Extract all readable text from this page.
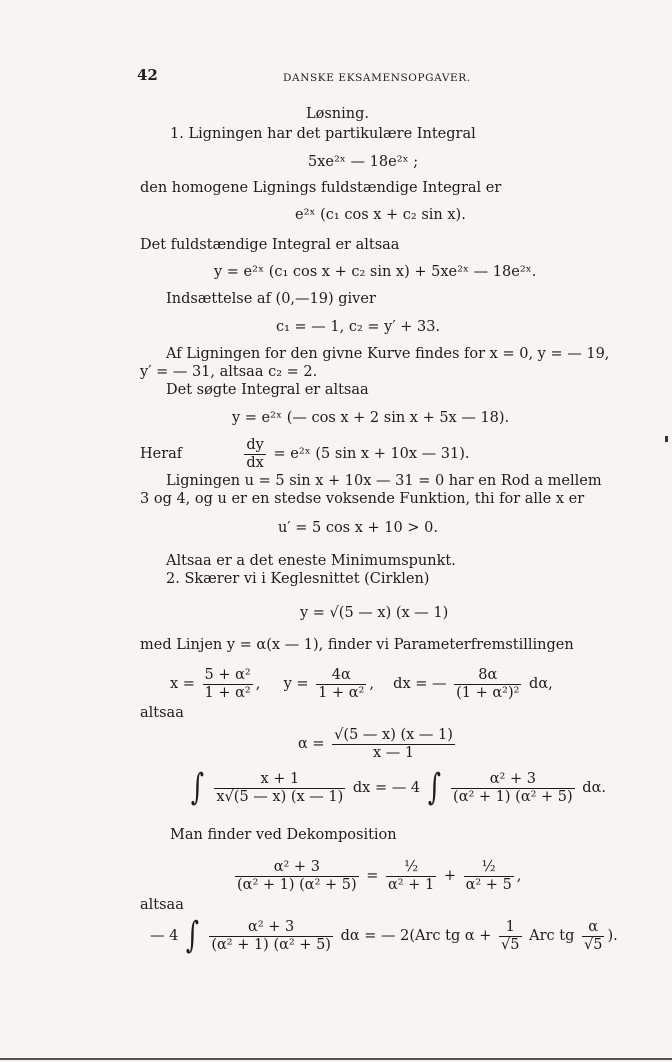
42	DANSKE EKSAMENSOPGAVER.
Løsning.
1. Ligningen har det partikulære Integral
5xe²ˣ — 18e²ˣ ;
den homogene Lignings fuldstændige Integral er
e²ˣ (c₁ cos x + c₂ sin x).
Det fuldstændige Integral er altsaa
y = e²ˣ (c₁ cos x + c₂ sin x) + 5xe²ˣ — 18e²ˣ.
Indsættelse af (0,—19) giver
c₁ = — 1, c₂ = y′ + 33.
Af Ligningen for den givne Kurve findes for x = 0, y = — 19,
y′ = — 31, altsaa c₂ = 2.
Det søgte Integral er altsaa
y = e²ˣ (— cos x + 2 sin x + 5x — 18).
Heraf	$\frac{dy}{dx}$ = e²ˣ (5 sin x + 10x — 31).
Ligningen u = 5 sin x + 10x — 31 = 0 har en Rod a mellem
3 og 4, og u er en stedse voksende Funktion, thi for alle x er
u′ = 5 cos x + 10 > 0.
Altsaa er a det eneste Minimumspunkt.
2. Skærer vi i Keglesnittet (Cirklen)
y = √(5 — x) (x — 1)
med Linjen y = α(x — 1), finder vi Parameterfremstillingen
$x = \frac{\text{5 + α²}}{\text{1 + α²}}$ ,  $y = \frac{4\alpha}{\text{1 + α²}}$ ,  dx = — $\frac{8\alpha}{\text{(1 + α²)²}} d\alpha$,
altsaa
$\alpha = \frac{√(5 — x) (x — 1)}{x — 1}$
∫ $\frac{x + 1}{x√(5 — x) (x — 1)}$ dx = — 4 ∫ $\frac{\text{α² + 3}}{\text{(α² + 1) (α² + 5)}} d\alpha$.
Man finder ved Dekomposition
$\frac{\text{α² + 3}}{\text{(α² + 1) (α² + 5)}} = \frac{\text{½}}{\text{α² + 1}} + \frac{\text{½}}{\text{α² + 5}}$ ,
altsaa
— 4 ∫ $\frac{\text{α² + 3}}{\text{(α² + 1) (α² + 5)}}$ dα = — 2(Arc tg $\alpha + \frac{1}{√5}$ Arc tg $\frac{\alpha}{√5}$ ).
